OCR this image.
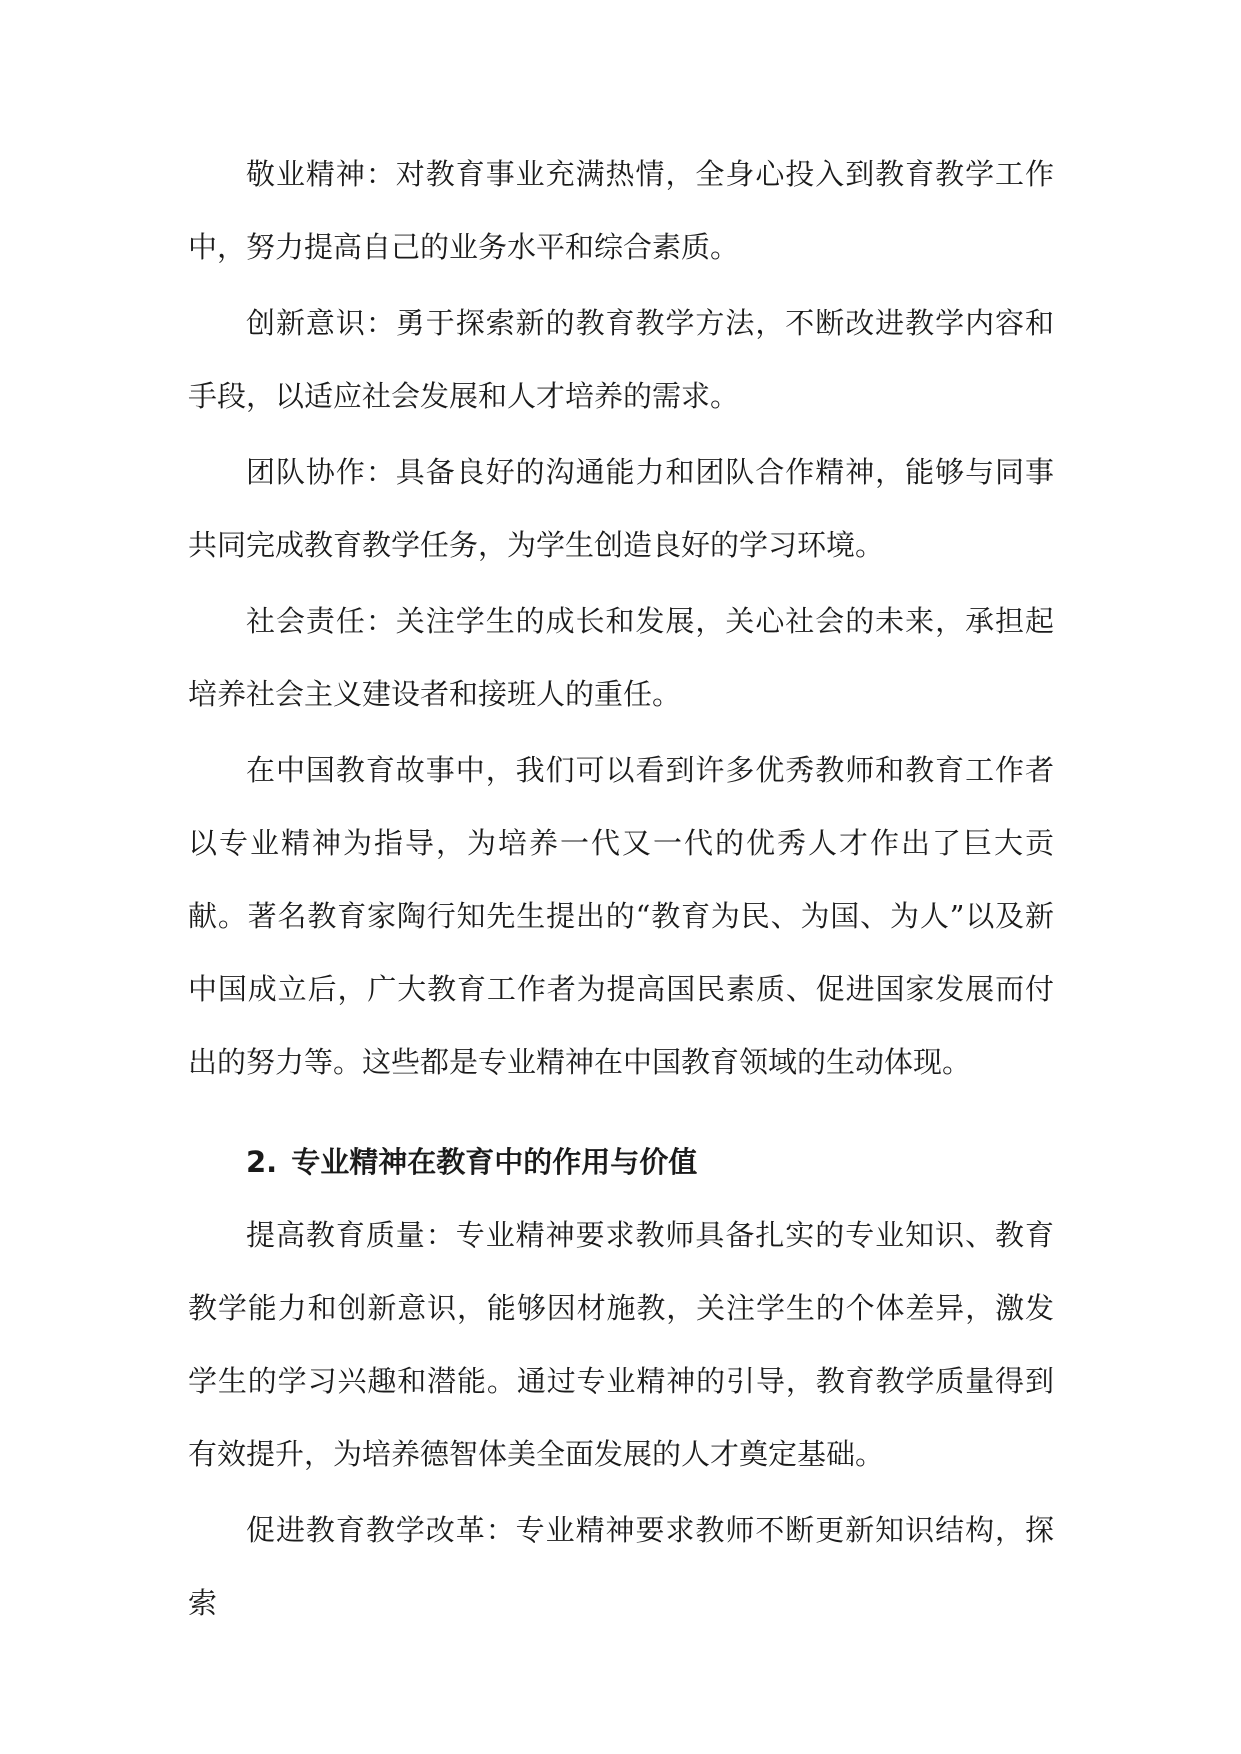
敬业精神：对教育事业充满热情，全身心投入到教育教学工作中，努力提高自己的业务水平和综合素质。

创新意识：勇于探索新的教育教学方法，不断改进教学内容和手段，以适应社会发展和人才培养的需求。

团队协作：具备良好的沟通能力和团队合作精神，能够与同事共同完成教育教学任务，为学生创造良好的学习环境。

社会责任：关注学生的成长和发展，关心社会的未来，承担起培养社会主义建设者和接班人的重任。

在中国教育故事中，我们可以看到许多优秀教师和教育工作者以专业精神为指导，为培养一代又一代的优秀人才作出了巨大贡献。著名教育家陶行知先生提出的“教育为民、为国、为人”以及新中国成立后，广大教育工作者为提高国民素质、促进国家发展而付出的努力等。这些都是专业精神在中国教育领域的生动体现。

2. 专业精神在教育中的作用与价值

提高教育质量：专业精神要求教师具备扎实的专业知识、教育教学能力和创新意识，能够因材施教，关注学生的个体差异，激发学生的学习兴趣和潜能。通过专业精神的引导，教育教学质量得到有效提升，为培养德智体美全面发展的人才奠定基础。

促进教育教学改革：专业精神要求教师不断更新知识结构，探索
